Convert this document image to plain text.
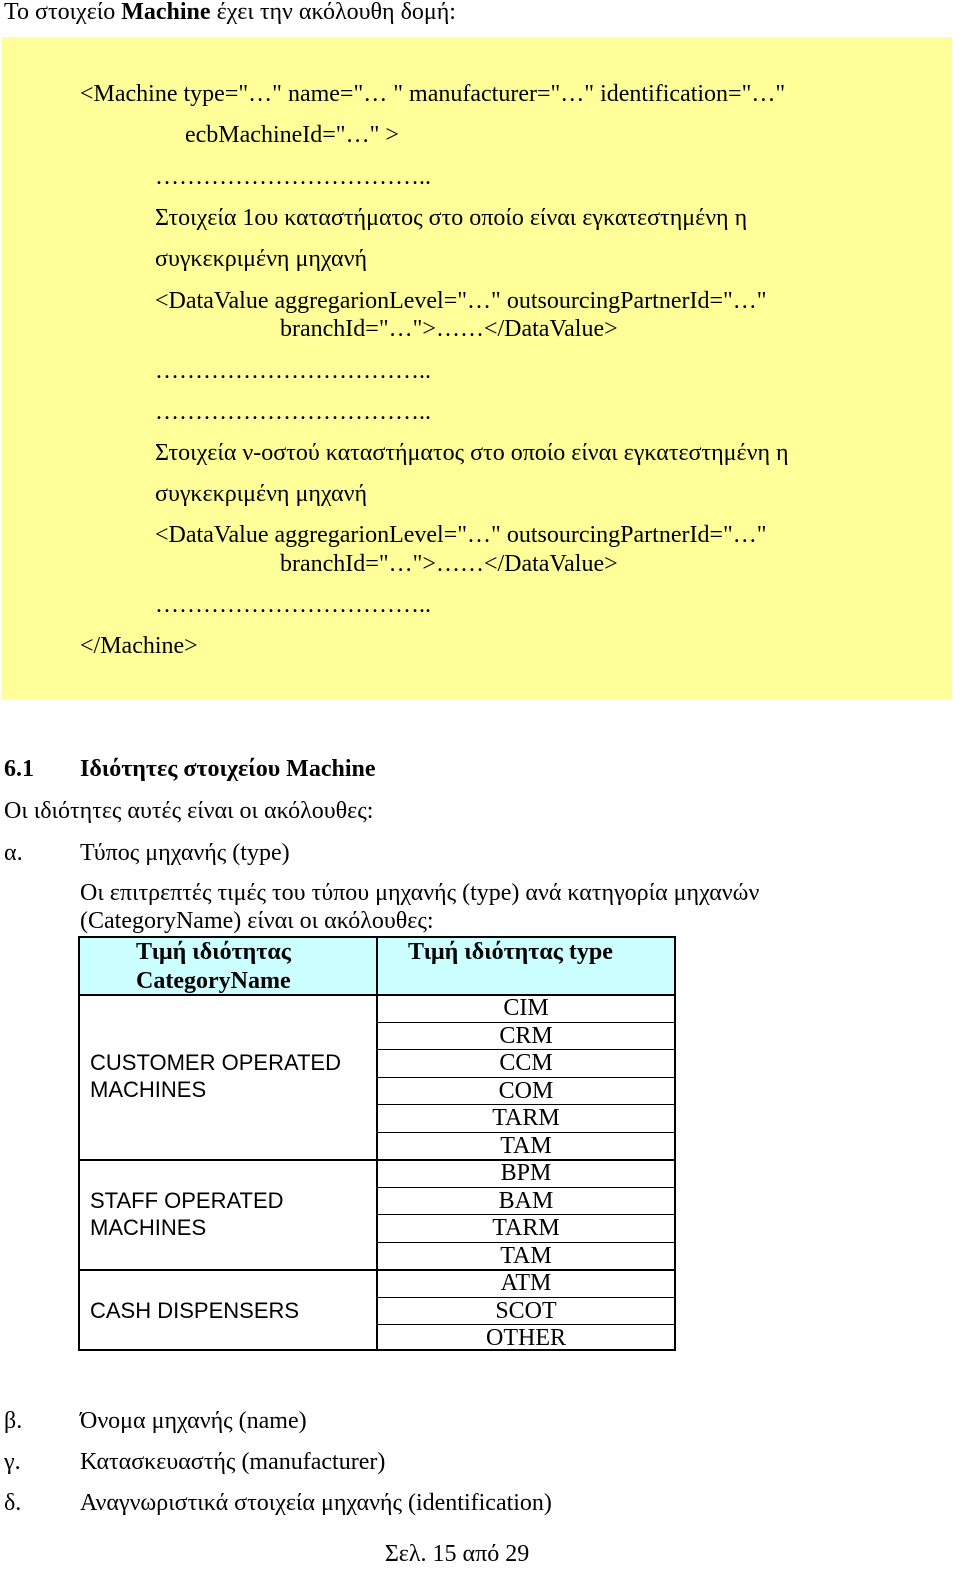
Το στοιχείο Machine έχει την ακόλουθη δομή:
<Machine type="…" name="… " manufacturer="…" identification="…"
ecbMachineId="…" >
……………………………..
Στοιχεία 1ου καταστήματος στο οποίο είναι εγκατεστημένη η
συγκεκριμένη μηχανή
<DataValue aggregarionLevel="…" outsourcingPartnerId="…"
branchId="…">……</DataValue>
……………………………..
……………………………..
Στοιχεία ν-οστού καταστήματος στο οποίο είναι εγκατεστημένη η
συγκεκριμένη μηχανή
<DataValue aggregarionLevel="…" outsourcingPartnerId="…"
branchId="…">……</DataValue>
……………………………..
</Machine>
6.1 Ιδιότητες στοιχείου Machine
Οι ιδιότητες αυτές είναι οι ακόλουθες:
α. Τύπος μηχανής (type)
Οι επιτρεπτές τιμές του τύπου μηχανής (type) ανά κατηγορία μηχανών
(CategoryName) είναι οι ακόλουθες:
Τιμή ιδιότητας
CategoryName
Τιμή ιδιότητας type
CUSTOMER OPERATED
MACHINES
STAFF OPERATED
MACHINES
CASH DISPENSERS
CIM
CRM
CCM
COM
TARM
TAM
BPM
BAM
TARM
TAM
ATM
SCOT
OTHER
β. Όνομα μηχανής (name)
γ. Κατασκευαστής (manufacturer)
δ. Αναγνωριστικά στοιχεία μηχανής (identification)
Σελ. 15 από 29
